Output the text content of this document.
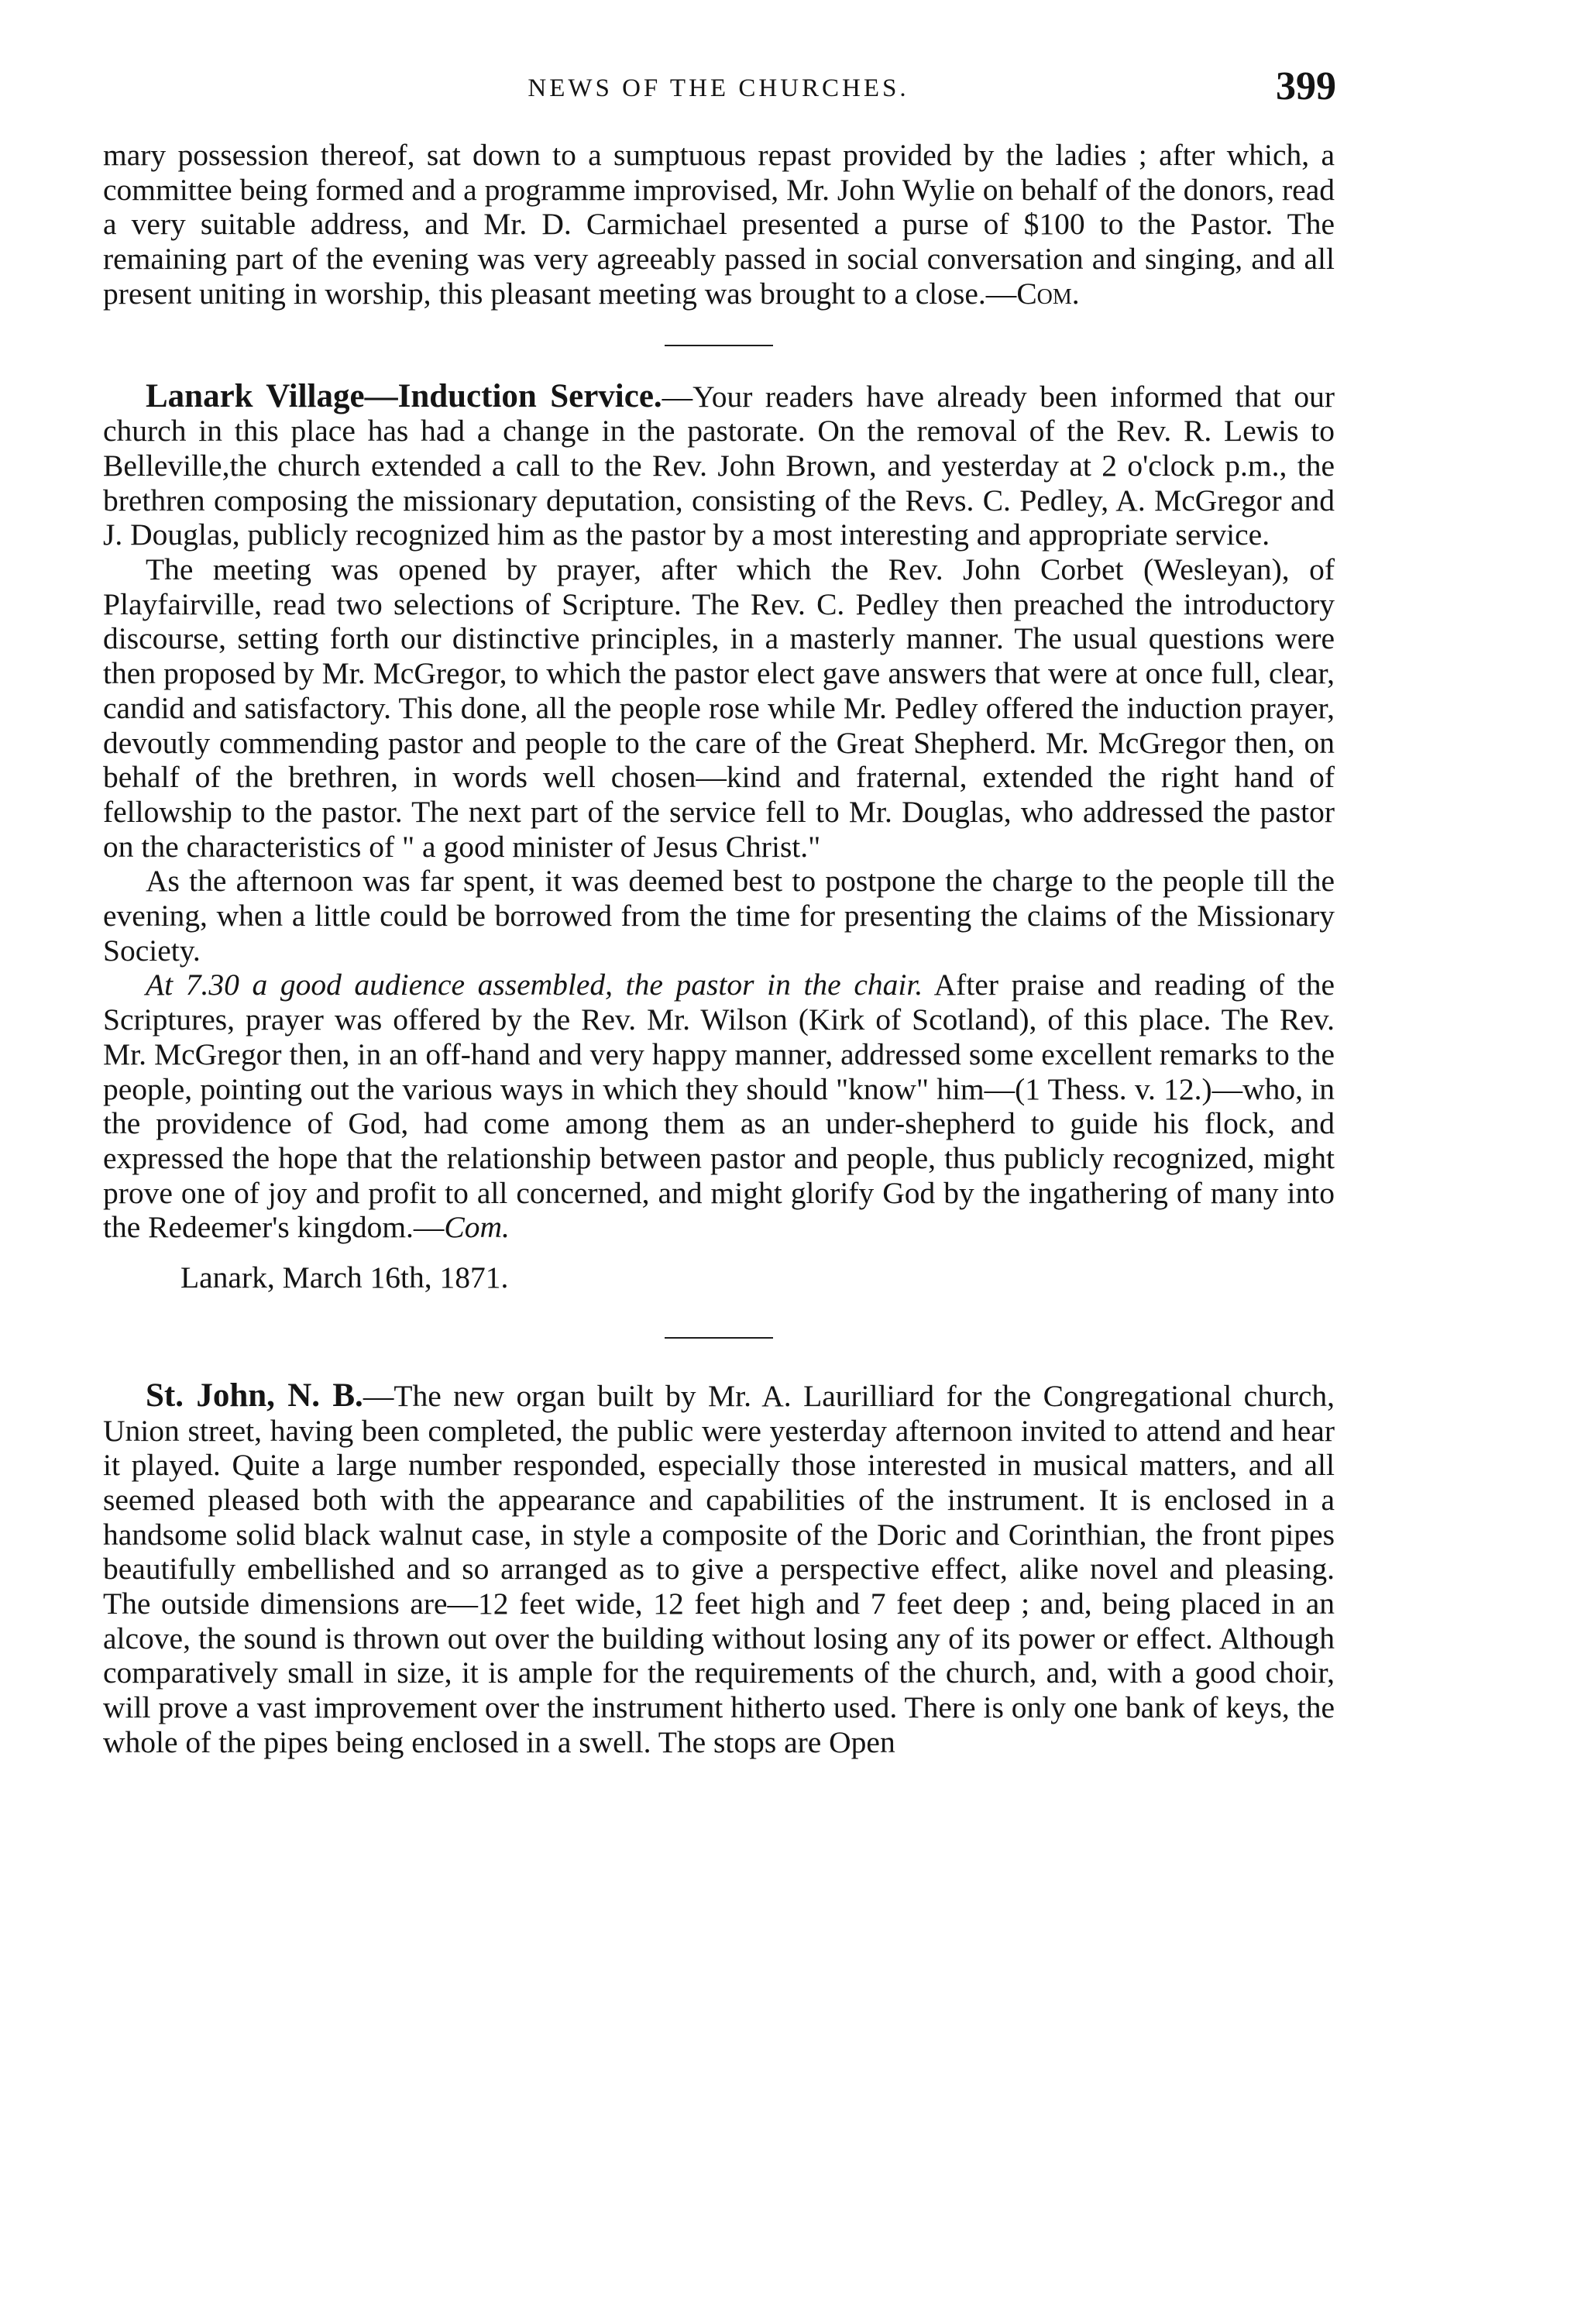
NEWS OF THE CHURCHES.	399

mary possession thereof, sat down to a sumptuous repast provided by the ladies ; after which, a committee being formed and a programme improvised, Mr. John Wylie on behalf of the donors, read a very suitable address, and Mr. D. Carmichael presented a purse of $100 to the Pastor. The remaining part of the evening was very agreeably passed in social conversation and singing, and all present uniting in worship, this pleasant meeting was brought to a close.—Com.

Lanark Village—Induction Service.—Your readers have already been informed that our church in this place has had a change in the pastorate. On the removal of the Rev. R. Lewis to Belleville,the church extended a call to the Rev. John Brown, and yesterday at 2 o'clock p.m., the brethren composing the missionary deputation, consisting of the Revs. C. Pedley, A. McGregor and J. Douglas, publicly recognized him as the pastor by a most interesting and appropriate service.

The meeting was opened by prayer, after which the Rev. John Corbet (Wesleyan), of Playfairville, read two selections of Scripture. The Rev. C. Pedley then preached the introductory discourse, setting forth our distinctive principles, in a masterly manner. The usual questions were then proposed by Mr. McGregor, to which the pastor elect gave answers that were at once full, clear, candid and satisfactory. This done, all the people rose while Mr. Pedley offered the induction prayer, devoutly commending pastor and people to the care of the Great Shepherd. Mr. McGregor then, on behalf of the brethren, in words well chosen—kind and fraternal, extended the right hand of fellowship to the pastor. The next part of the service fell to Mr. Douglas, who addressed the pastor on the characteristics of " a good minister of Jesus Christ."

As the afternoon was far spent, it was deemed best to postpone the charge to the people till the evening, when a little could be borrowed from the time for presenting the claims of the Missionary Society.

At 7.30 a good audience assembled, the pastor in the chair. After praise and reading of the Scriptures, prayer was offered by the Rev. Mr. Wilson (Kirk of Scotland), of this place. The Rev. Mr. McGregor then, in an off-hand and very happy manner, addressed some excellent remarks to the people, pointing out the various ways in which they should "know" him—(1 Thess. v. 12.)—who, in the providence of God, had come among them as an under-shepherd to guide his flock, and expressed the hope that the relationship between pastor and people, thus publicly recognized, might prove one of joy and profit to all concerned, and might glorify God by the ingathering of many into the Redeemer's kingdom.—Com.

Lanark, March 16th, 1871.

St. John, N. B.—The new organ built by Mr. A. Laurilliard for the Congregational church, Union street, having been completed, the public were yesterday afternoon invited to attend and hear it played. Quite a large number responded, especially those interested in musical matters, and all seemed pleased both with the appearance and capabilities of the instrument. It is enclosed in a handsome solid black walnut case, in style a composite of the Doric and Corinthian, the front pipes beautifully embellished and so arranged as to give a perspective effect, alike novel and pleasing. The outside dimensions are—12 feet wide, 12 feet high and 7 feet deep ; and, being placed in an alcove, the sound is thrown out over the building without losing any of its power or effect. Although comparatively small in size, it is ample for the requirements of the church, and, with a good choir, will prove a vast improvement over the instrument hitherto used. There is only one bank of keys, the whole of the pipes being enclosed in a swell. The stops are Open
